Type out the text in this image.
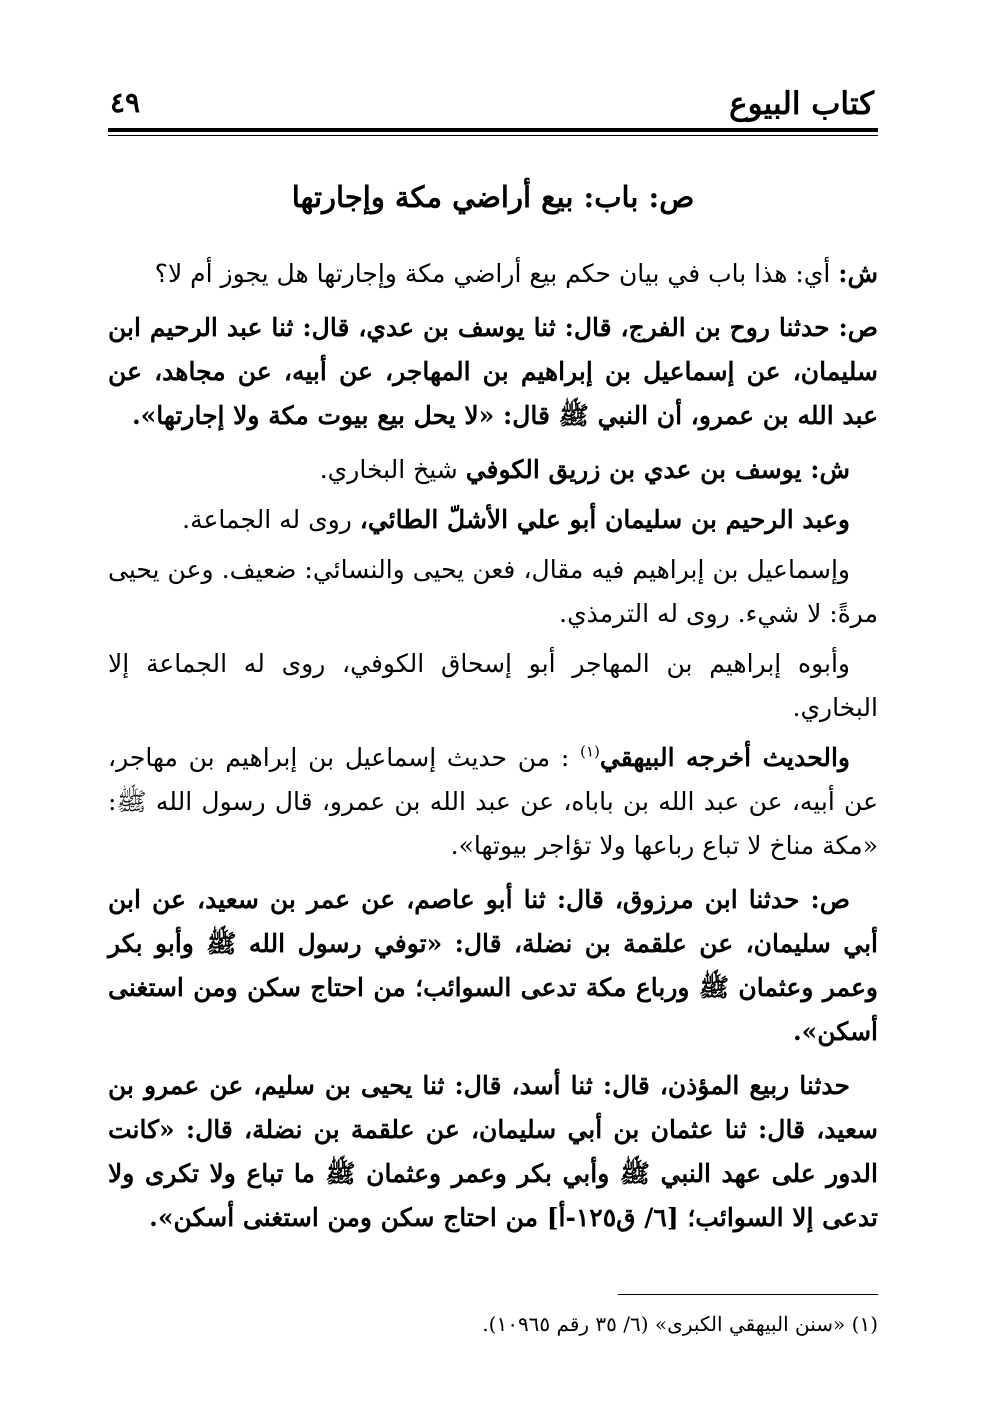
كتاب البيوع
٤٩
ص: باب: بيع أراضي مكة وإجارتها

ش: أي: هذا باب في بيان حكم بيع أراضي مكة وإجارتها هل يجوز أم لا؟

ص: حدثنا روح بن الفرج، قال: ثنا يوسف بن عدي، قال: ثنا عبد الرحيم ابن سليمان، عن إسماعيل بن إبراهيم بن المهاجر، عن أبيه، عن مجاهد، عن عبد الله بن عمرو، أن النبي ﷺ قال: «لا يحل بيع بيوت مكة ولا إجارتها».

ش: يوسف بن عدي بن زريق الكوفي شيخ البخاري.

وعبد الرحيم بن سليمان أبو علي الأشلّ الطائي، روى له الجماعة.

وإسماعيل بن إبراهيم فيه مقال، فعن يحيى والنسائي: ضعيف. وعن يحيى مرةً: لا شيء. روى له الترمذي.

وأبوه إبراهيم بن المهاجر أبو إسحاق الكوفي، روى له الجماعة إلا البخاري.

والحديث أخرجه البيهقي$^{(١)}$ : من حديث إسماعيل بن إبراهيم بن مهاجر، عن أبيه، عن عبد الله بن باباه، عن عبد الله بن عمرو، قال رسول الله ﷺ: «مكة مناخ لا تباع رباعها ولا تؤاجر بيوتها».

ص: حدثنا ابن مرزوق، قال: ثنا أبو عاصم، عن عمر بن سعيد، عن ابن أبي سليمان، عن علقمة بن نضلة، قال: «توفي رسول الله ﷺ وأبو بكر وعمر وعثمان ﷺ ورباع مكة تدعى السوائب؛ من احتاج سكن ومن استغنى أسكن».

حدثنا ربيع المؤذن، قال: ثنا أسد، قال: ثنا يحيى بن سليم، عن عمرو بن سعيد، قال: ثنا عثمان بن أبي سليمان، عن علقمة بن نضلة، قال: «كانت الدور على عهد النبي ﷺ وأبي بكر وعمر وعثمان ﷺ ما تباع ولا تكرى ولا تدعى إلا السوائب؛ [٦/ ق١٢٥-أ] من احتاج سكن ومن استغنى أسكن».

(١) «سنن البيهقي الكبرى» (٦/ ٣٥ رقم ١٠٩٦٥).
